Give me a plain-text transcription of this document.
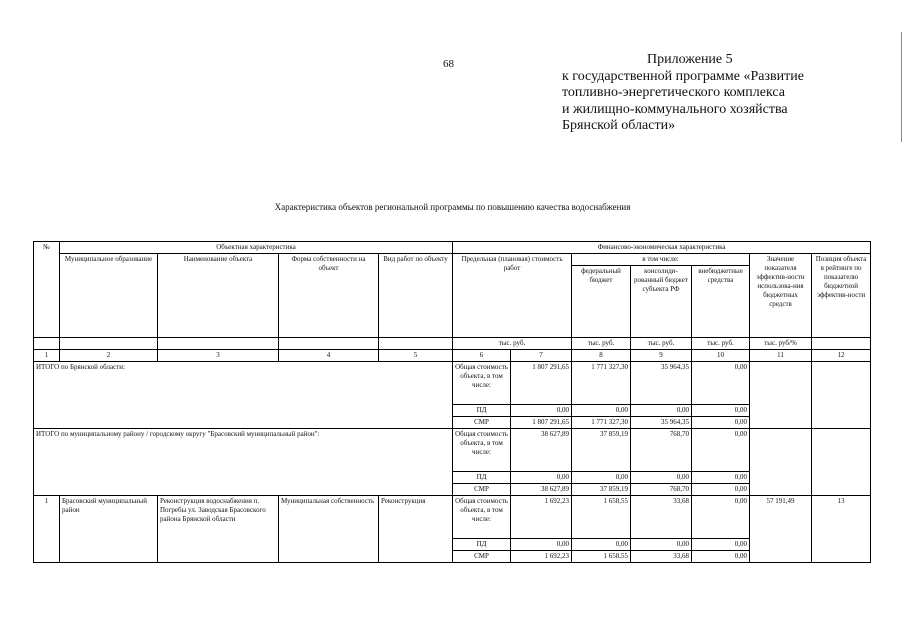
68	Приложение 5
к государственной программе «Развитие
топливно-энергетического комплекса
и жилищно-коммунального хозяйства
Брянской области»
Характеристика объектов региональной программы по повышению качества водоснабжения
№	Объектная характеристика				Финансово-экономическая характеристика						
	Муниципальное образование	Наименование объекта	Форма собственности на объект	Вид работ по объекту	Предельная (плановая) стоимость работ		в том числе:			Значение показателя эффектив-ности использова-ния бюджетных средств	Позиция объекта в рейтинге по показателю бюджетной эффектив-ности
							федеральный бюджет	консолиди-рованный бюджет субъекта РФ	внебюджетные средства		
					тыс. руб.		тыс. руб.	тыс. руб.	тыс. руб.	тыс. руб/%	
1	2	3	4	5	6	7	8	9	10	11	12
ИТОГО по Брянской области:					Общая стоимость объекта, в том числе:	1 807 291,65	1 771 327,30	35 964,35	0,00		
					ПД	0,00	0,00	0,00	0,00		
					СМР	1 807 291,65	1 771 327,30	35 964,35	0,00		
ИТОГО по муниципальному району / городскому округу "Брасовский муниципальный район":					Общая стоимость объекта, в том числе:	38 627,89	37 859,19	768,70	0,00		
					ПД	0,00	0,00	0,00	0,00		
					СМР	38 627,89	37 859,19	768,70	0,00		
1	Брасовский муниципальный район	Реконструкция водоснабжения п. Погребы ул. Заводская Брасовского района Брянской области	Муниципальная собственность	Реконструкция	Общая стоимость объекта, в том числе:	1 692,23	1 658,55	33,68	0,00	57 191,49	13
					ПД	0,00	0,00	0,00	0,00		
					СМР	1 692,23	1 658,55	33,68	0,00		
